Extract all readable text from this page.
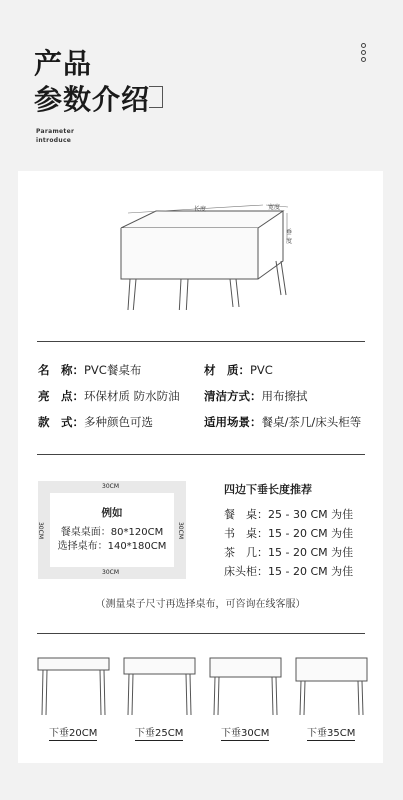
产品
参数介绍
Parameter
introduce
长度	宽度
垂度
名　称：PVC餐桌布	材　质：PVC
亮　点：环保材质 防水防油 清洁方式：用布擦拭
款　式：多种颜色可选	适用场景：餐桌/茶几/床头柜等
例如
餐桌桌面：80*120CM
选择桌布：140*180CM
30CM
30CM
30CM	30CM
四边下垂长度推荐
餐　桌：25 - 30 CM 为佳
书　桌：15 - 20 CM 为佳
茶　几：15 - 20 CM 为佳
床头柜：15 - 20 CM 为佳
（测量桌子尺寸再选择桌布，可咨询在线客服）
下垂20CM	下垂25CM	下垂30CM	下垂35CM
